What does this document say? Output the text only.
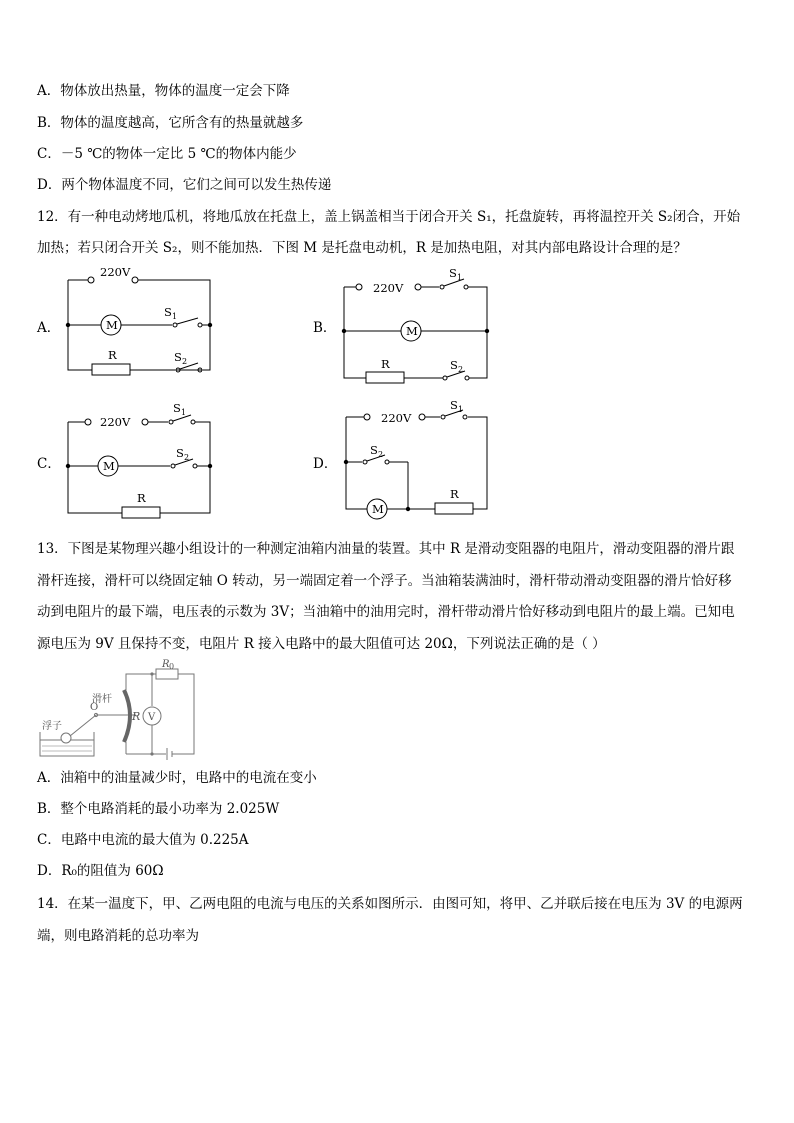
A．物体放出热量，物体的温度一定会下降
B．物体的温度越高，它所含有的热量就越多
C．－5 ℃的物体一定比 5 ℃的物体内能少
D．两个物体温度不同，它们之间可以发生热传递
12．有一种电动烤地瓜机，将地瓜放在托盘上，盖上锅盖相当于闭合开关 S₁，托盘旋转，再将温控开关 S₂闭合，开始
加热；若只闭合开关 S₂，则不能加热．下图 M 是托盘电动机，R 是加热电阻，对其内部电路设计合理的是？
A．	B．
C．	D．
220V
M
S 1
R	S 2
220V
S 1
M
R	S 2
220V
S 1
M
S 2
R
220V
S 1
S 2
M
R
13．下图是某物理兴趣小组设计的一种测定油箱内油量的装置。其中 R 是滑动变阻器的电阻片，滑动变阻器的滑片跟
滑杆连接，滑杆可以绕固定轴 O 转动，另一端固定着一个浮子。当油箱装满油时，滑杆带动滑动变阻器的滑片恰好移
动到电阻片的最下端，电压表的示数为 3V；当油箱中的油用完时，滑杆带动滑片恰好移动到电阻片的最上端。已知电
源电压为 9V 且保持不变，电阻片 R 接入电路中的最大阻值可达 20Ω，下列说法正确的是（ ）
浮子
O
滑杆
R
R 0
V
A．油箱中的油量减少时，电路中的电流在变小
B．整个电路消耗的最小功率为 2.025W
C．电路中电流的最大值为 0.225A
D．R₀的阻值为 60Ω
14．在某一温度下，甲、乙两电阻的电流与电压的关系如图所示．由图可知，将甲、乙并联后接在电压为 3V 的电源两
端，则电路消耗的总功率为
